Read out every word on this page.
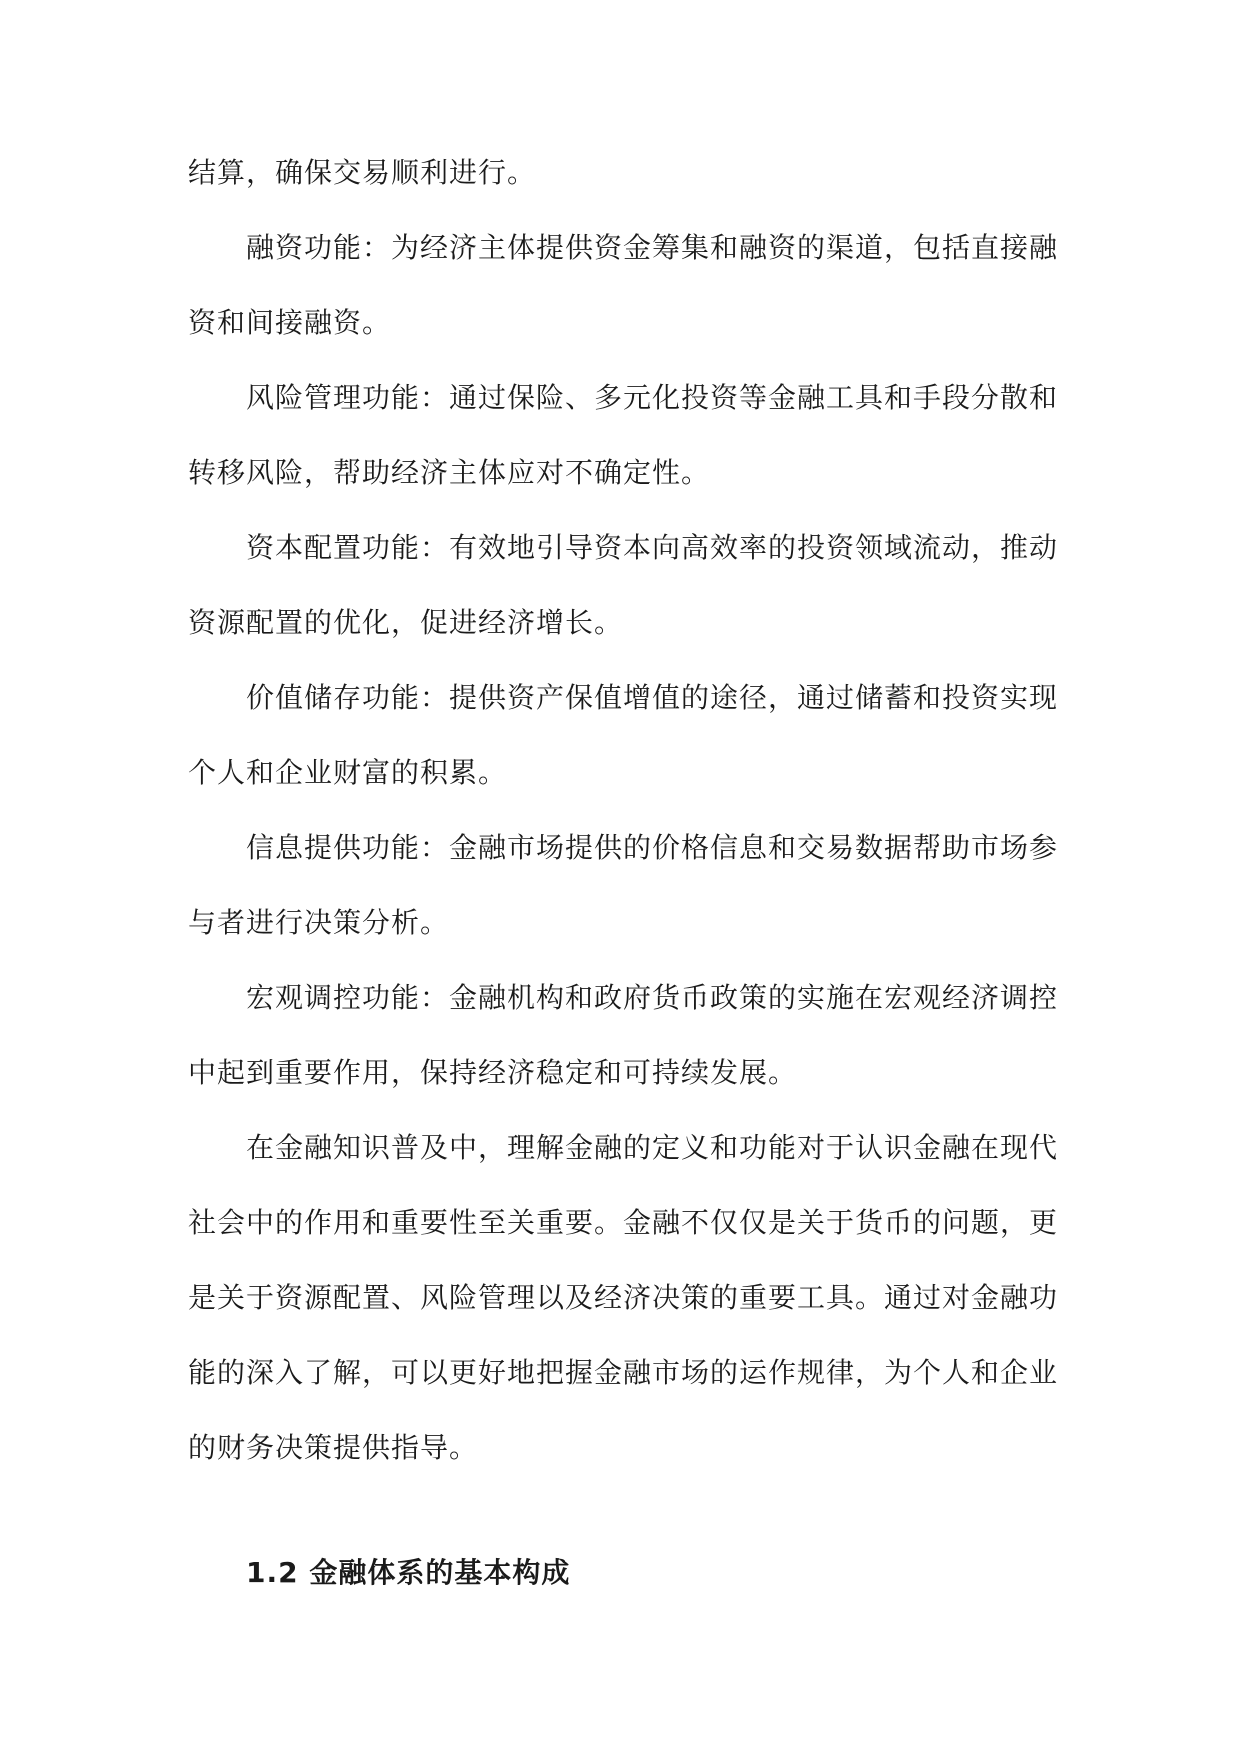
结算，确保交易顺利进行。

融资功能：为经济主体提供资金筹集和融资的渠道，包括直接融资和间接融资。

风险管理功能：通过保险、多元化投资等金融工具和手段分散和转移风险，帮助经济主体应对不确定性。

资本配置功能：有效地引导资本向高效率的投资领域流动，推动资源配置的优化，促进经济增长。

价值储存功能：提供资产保值增值的途径，通过储蓄和投资实现个人和企业财富的积累。

信息提供功能：金融市场提供的价格信息和交易数据帮助市场参与者进行决策分析。

宏观调控功能：金融机构和政府货币政策的实施在宏观经济调控中起到重要作用，保持经济稳定和可持续发展。

在金融知识普及中，理解金融的定义和功能对于认识金融在现代社会中的作用和重要性至关重要。金融不仅仅是关于货币的问题，更是关于资源配置、风险管理以及经济决策的重要工具。通过对金融功能的深入了解，可以更好地把握金融市场的运作规律，为个人和企业的财务决策提供指导。

1.2 金融体系的基本构成
